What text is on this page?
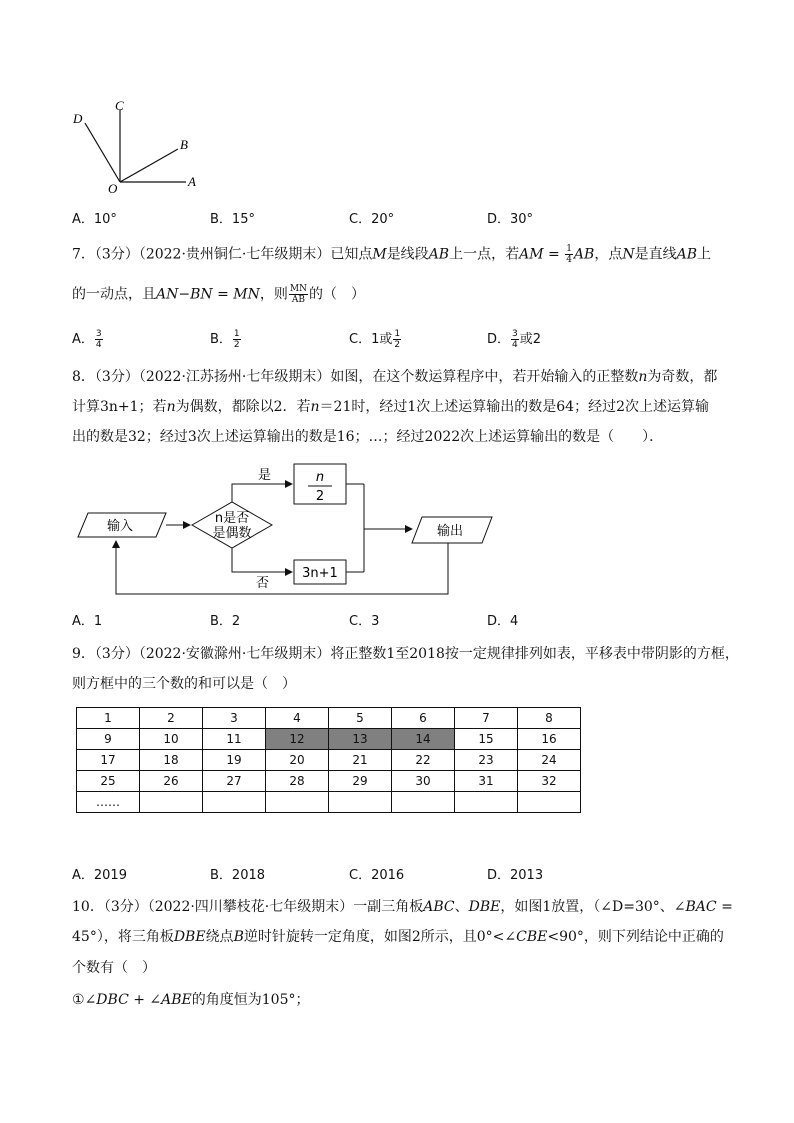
C
D
B
O	A
A．10°	B．15°	C．20°	D．30°
7．（3分）（2022·贵州铜仁·七年级期末）已知点M是线段AB上一点，若AM = $\frac{1}{4}$ AB，点N是直线AB上
的一动点，且AN−BN = MN，则 $\frac{MN}{AB}$ 的（　）
A． $\frac{3}{4}$	B． $\frac{1}{2}$	C．1或 $\frac{1}{2}$	D． $\frac{3}{4}$ 或2
8．（3分）（2022·江苏扬州·七年级期末）如图，在这个数运算程序中，若开始输入的正整数n为奇数，都
计算3n+1；若n为偶数，都除以2．若n＝21时，经过1次上述运算输出的数是64；经过2次上述运算输
出的数是32；经过3次上述运算输出的数是16；…；经过2022次上述运算输出的数是（　　）．
输入
n是否
是偶数
是	n
2
否
3n+1
输出
A．1	B．2	C．3	D．4
9．（3分）（2022·安徽滁州·七年级期末）将正整数1至2018按一定规律排列如表，平移表中带阴影的方框，
则方框中的三个数的和可以是（　）
1	2	3	4	5	6	7	8
9	10	11	12	13	14	15	16
17	18	19	20	21	22	23	24
25	26	27	28	29	30	31	32
……							
A．2019	B．2018	C．2016	D．2013
10．（3分）（2022·四川攀枝花·七年级期末）一副三角板ABC、DBE，如图1放置，（∠D=30°、∠BAC =
45°），将三角板DBE绕点B逆时针旋转一定角度，如图2所示，且0°<∠CBE<90°，则下列结论中正确的
个数有（　）
①∠DBC + ∠ABE的角度恒为105°；
